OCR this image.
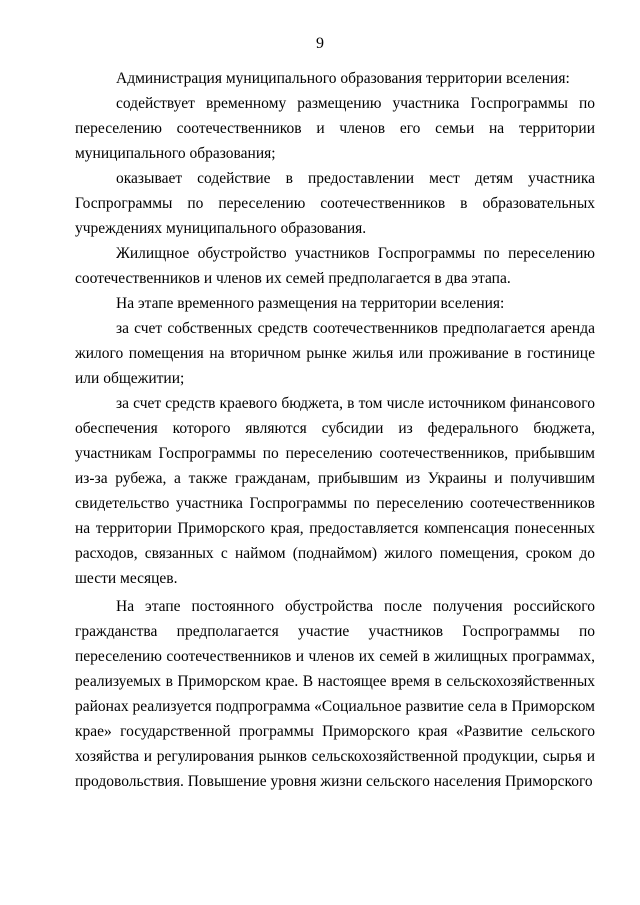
9

Администрация муниципального образования территории вселения:

содействует временному размещению участника Госпрограммы по переселению соотечественников и членов его семьи на территории муниципального образования;

оказывает содействие в предоставлении мест детям участника Госпрограммы по переселению соотечественников в образовательных учреждениях муниципального образования.

Жилищное обустройство участников Госпрограммы по переселению соотечественников и членов их семей предполагается в два этапа.

На этапе временного размещения на территории вселения:

за счет собственных средств соотечественников предполагается аренда жилого помещения на вторичном рынке жилья или проживание в гостинице или общежитии;

за счет средств краевого бюджета, в том числе источником финансового обеспечения которого являются субсидии из федерального бюджета, участникам Госпрограммы по переселению соотечественников, прибывшим из-за рубежа, а также гражданам, прибывшим из Украины и получившим свидетельство участника Госпрограммы по переселению соотечественников на территории Приморского края, предоставляется компенсация понесенных расходов, связанных с наймом (поднаймом) жилого помещения, сроком до шести месяцев.

На этапе постоянного обустройства после получения российского гражданства предполагается участие участников Госпрограммы по переселению соотечественников и членов их семей в жилищных программах, реализуемых в Приморском крае. В настоящее время в сельскохозяйственных районах реализуется подпрограмма «Социальное развитие села в Приморском крае» государственной программы Приморского края «Развитие сельского хозяйства и регулирования рынков сельскохозяйственной продукции, сырья и продовольствия. Повышение уровня жизни сельского населения Приморского
